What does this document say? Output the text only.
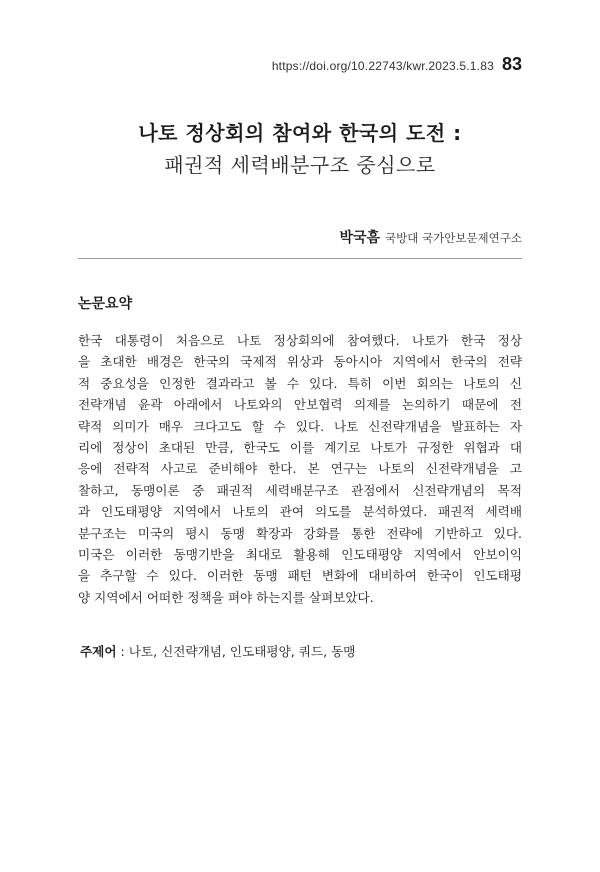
https://doi.org/10.22743/kwr.2023.5.1.83 83
나토 정상회의 참여와 한국의 도전 :
패권적 세력배분구조 중심으로
박국흠 국방대 국가안보문제연구소
논문요약
한국 대통령이 처음으로 나토 정상회의에 참여했다. 나토가 한국 정상
을 초대한 배경은 한국의 국제적 위상과 동아시아 지역에서 한국의 전략
적 중요성을 인정한 결과라고 볼 수 있다. 특히 이번 회의는 나토의 신
전략개념 윤곽 아래에서 나토와의 안보협력 의제를 논의하기 때문에 전
략적 의미가 매우 크다고도 할 수 있다. 나토 신전략개념을 발표하는 자
리에 정상이 초대된 만큼, 한국도 이를 계기로 나토가 규정한 위협과 대
응에 전략적 사고로 준비해야 한다. 본 연구는 나토의 신전략개념을 고
찰하고, 동맹이론 중 패권적 세력배분구조 관점에서 신전략개념의 목적
과 인도태평양 지역에서 나토의 관여 의도를 분석하였다. 패권적 세력배
분구조는 미국의 평시 동맹 확장과 강화를 통한 전략에 기반하고 있다.
미국은 이러한 동맹기반을 최대로 활용해 인도태평양 지역에서 안보이익
을 추구할 수 있다. 이러한 동맹 패턴 변화에 대비하여 한국이 인도태평
양 지역에서 어떠한 정책을 펴야 하는지를 살펴보았다.
주제어 : 나토, 신전략개념, 인도태평양, 쿼드, 동맹
